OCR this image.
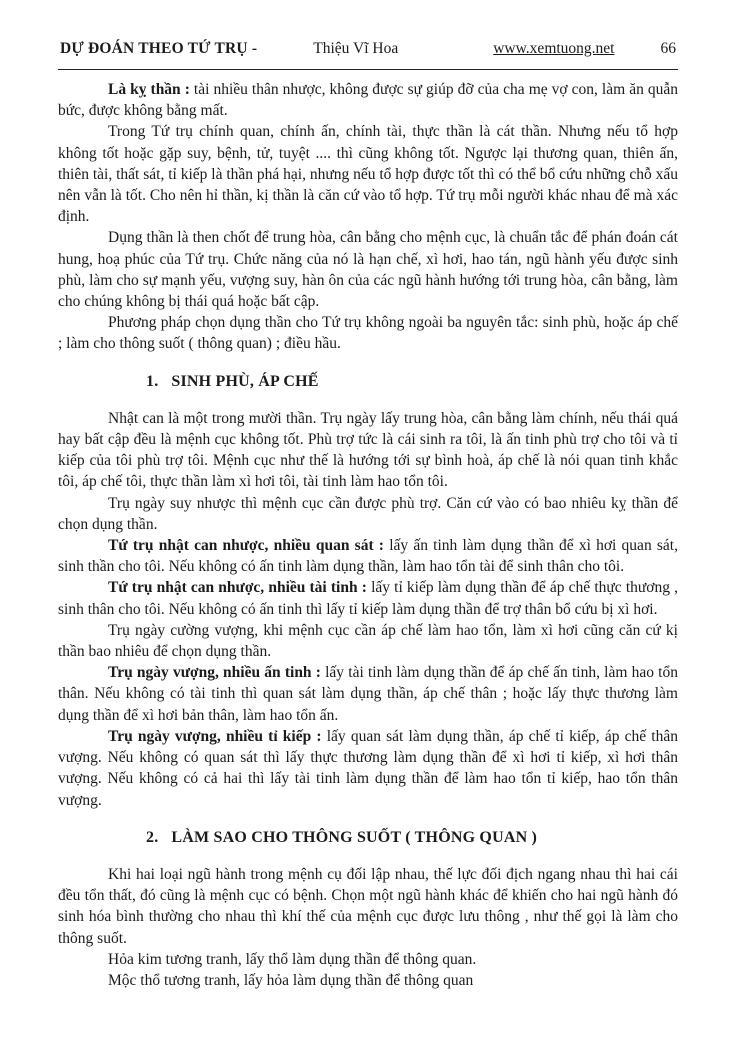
DỰ ĐOÁN THEO TỨ TRỤ -	Thiệu Vĩ Hoa	www.xemtuong.net	66

Là kỵ thần : tài nhiều thân nhược, không được sự giúp đỡ của cha mẹ vợ con, làm ăn quẫn bức, được không bằng mất.

Trong Tứ trụ chính quan, chính ấn, chính tài, thực thần là cát thần. Nhưng nếu tổ hợp không tốt hoặc gặp suy, bệnh, tử, tuyệt .... thì cũng không tốt. Ngược lại thương quan, thiên ấn, thiên tài, thất sát, tỉ kiếp là thần phá hại, nhưng nếu tổ hợp được tốt thì có thể bổ cứu những chỗ xấu nên vẫn là tốt. Cho nên hỉ thần, kị thần là căn cứ vào tổ hợp. Tứ trụ mỗi người khác nhau để mà xác định.

Dụng thần là then chốt để trung hòa, cân bằng cho mệnh cục, là chuẩn tắc để phán đoán cát hung, hoạ phúc của Tứ trụ. Chức năng của nó là hạn chế, xì hơi, hao tán, ngũ hành yếu được sinh phù, làm cho sự mạnh yếu, vượng suy, hàn ôn của các ngũ hành hướng tới trung hòa, cân bằng, làm cho chúng không bị thái quá hoặc bất cập.

Phương pháp chọn dụng thần cho Tứ trụ không ngoài ba nguyên tắc: sinh phù, hoặc áp chế ; làm cho thông suốt ( thông quan) ; điều hầu.

1. SINH PHÙ, ÁP CHẾ

Nhật can là một trong mười thần. Trụ ngày lấy trung hòa, cân bằng làm chính, nếu thái quá hay bất cập đều là mệnh cục không tốt. Phù trợ tức là cái sinh ra tôi, là ấn tinh phù trợ cho tôi và tỉ kiếp của tôi phù trợ tôi. Mệnh cục như thế là hướng tới sự bình hoà, áp chế là nói quan tinh khắc tôi, áp chế tôi, thực thần làm xì hơi tôi, tài tinh làm hao tổn tôi.

Trụ ngày suy nhược thì mệnh cục cần được phù trợ. Căn cứ vào có bao nhiêu kỵ thần để chọn dụng thần.

Tứ trụ nhật can nhược, nhiều quan sát : lấy ấn tinh làm dụng thần để xì hơi quan sát, sinh thần cho tôi. Nếu không có ấn tinh làm dụng thần, làm hao tổn tài để sinh thân cho tôi.

Tứ trụ nhật can nhược, nhiều tài tinh : lấy tỉ kiếp làm dụng thần để áp chế thực thương , sinh thân cho tôi. Nếu không có ấn tinh thì lấy tỉ kiếp làm dụng thần để trợ thân bổ cứu bị xì hơi.

Trụ ngày cường vượng, khi mệnh cục cần áp chế làm hao tổn, làm xì hơi cũng căn cứ kị thần bao nhiêu để chọn dụng thần.

Trụ ngày vượng, nhiều ấn tinh : lấy tài tinh làm dụng thần để áp chế ấn tinh, làm hao tổn thân. Nếu không có tài tinh thì quan sát làm dụng thần, áp chế thân ; hoặc lấy thực thương làm dụng thần để xì hơi bản thân, làm hao tổn ấn.

Trụ ngày vượng, nhiều tỉ kiếp : lấy quan sát làm dụng thần, áp chế tỉ kiếp, áp chế thân vượng. Nếu không có quan sát thì lấy thực thương làm dụng thần để xì hơi tỉ kiếp, xì hơi thân vượng. Nếu không có cả hai thì lấy tài tinh làm dụng thần để làm hao tổn tỉ kiếp, hao tổn thân vượng.

2. LÀM SAO CHO THÔNG SUỐT ( THÔNG QUAN )

Khi hai loại ngũ hành trong mệnh cụ đối lập nhau, thế lực đối địch ngang nhau thì hai cái đều tổn thất, đó cũng là mệnh cục có bệnh. Chọn một ngũ hành khác để khiến cho hai ngũ hành đó sinh hóa bình thường cho nhau thì khí thế của mệnh cục được lưu thông , như thế gọi là làm cho thông suốt.

Hỏa kim tương tranh, lấy thổ làm dụng thần để thông quan.

Mộc thổ tương tranh, lấy hỏa làm dụng thần để thông quan
